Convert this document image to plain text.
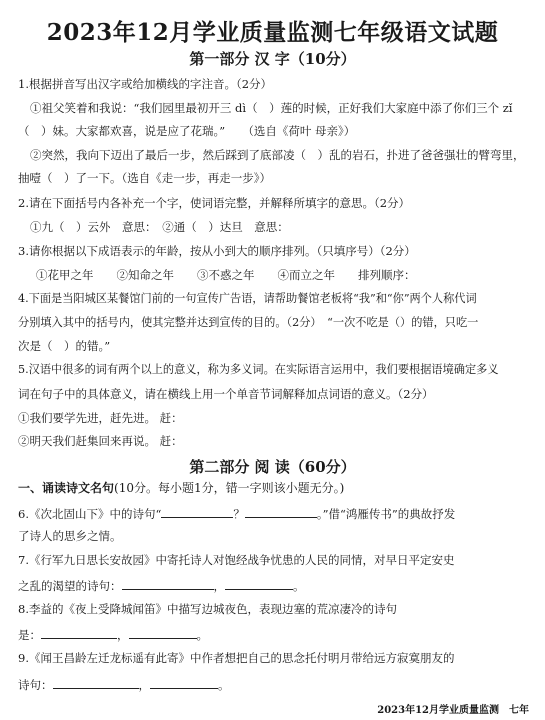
2023年12月学业质量监测七年级语文试题
第一部分 汉 字（10分）
1.根据拼音写出汉字或给加横线的字注音。（2分）
①祖父笑着和我说：“我们园里最初开三 dì（　）莲的时候，正好我们大家庭中添了你们三个 zǐ
（　）妹。大家都欢喜，说是应了花瑞。”　　（选自《荷叶 母亲》）
②突然，我向下迈出了最后一步，然后踩到了底部凌（　）乱的岩石，扑进了爸爸强壮的臂弯里，
抽噎（　）了一下。（选自《走一步，再走一步》）
2.请在下面括号内各补充一个字，使词语完整，并解释所填字的意思。（2分）
①九（　）云外　意思：　②通（　）达旦　意思：
3.请你根据以下成语表示的年龄，按从小到大的顺序排列。（只填序号）（2分）
①花甲之年　　②知命之年　　③不惑之年　　④而立之年　　排列顺序：
4.下面是当阳城区某餐馆门前的一句宣传广告语，请帮助餐馆老板将“我”和“你”两个人称代词
分别填入其中的括号内，使其完整并达到宣传的目的。（2分）　“一次不吃是（）的错，只吃一
次是（　）的错。”
5.汉语中很多的词有两个以上的意义，称为多义词。在实际语言运用中，我们要根据语境确定多义
词在句子中的具体意义，请在横线上用一个单音节词解释加点词语的意义。（2分）
①我们要学先进，赶先进。 赶：
②明天我们赶集回来再说。 赶：
第二部分 阅 读（60分）
一、诵读诗文名句(10分。每小题1分，错一字则该小题无分。)
6.《次北固山下》中的诗句“	？	。”借“鸿雁传书”的典故抒发
了诗人的思乡之情。
7.《行军九日思长安故园》中寄托诗人对饱经战争忧患的人民的同情，对早日平定安史
之乱的渴望的诗句：	，	。
8.李益的《夜上受降城闻笛》中描写边城夜色，表现边塞的荒凉凄冷的诗句
是：	，	。
9.《闻王昌龄左迁龙标遥有此寄》中作者想把自己的思念托付明月带给远方寂寞朋友的
诗句：	，	。
2023年12月学业质量监测　七年
